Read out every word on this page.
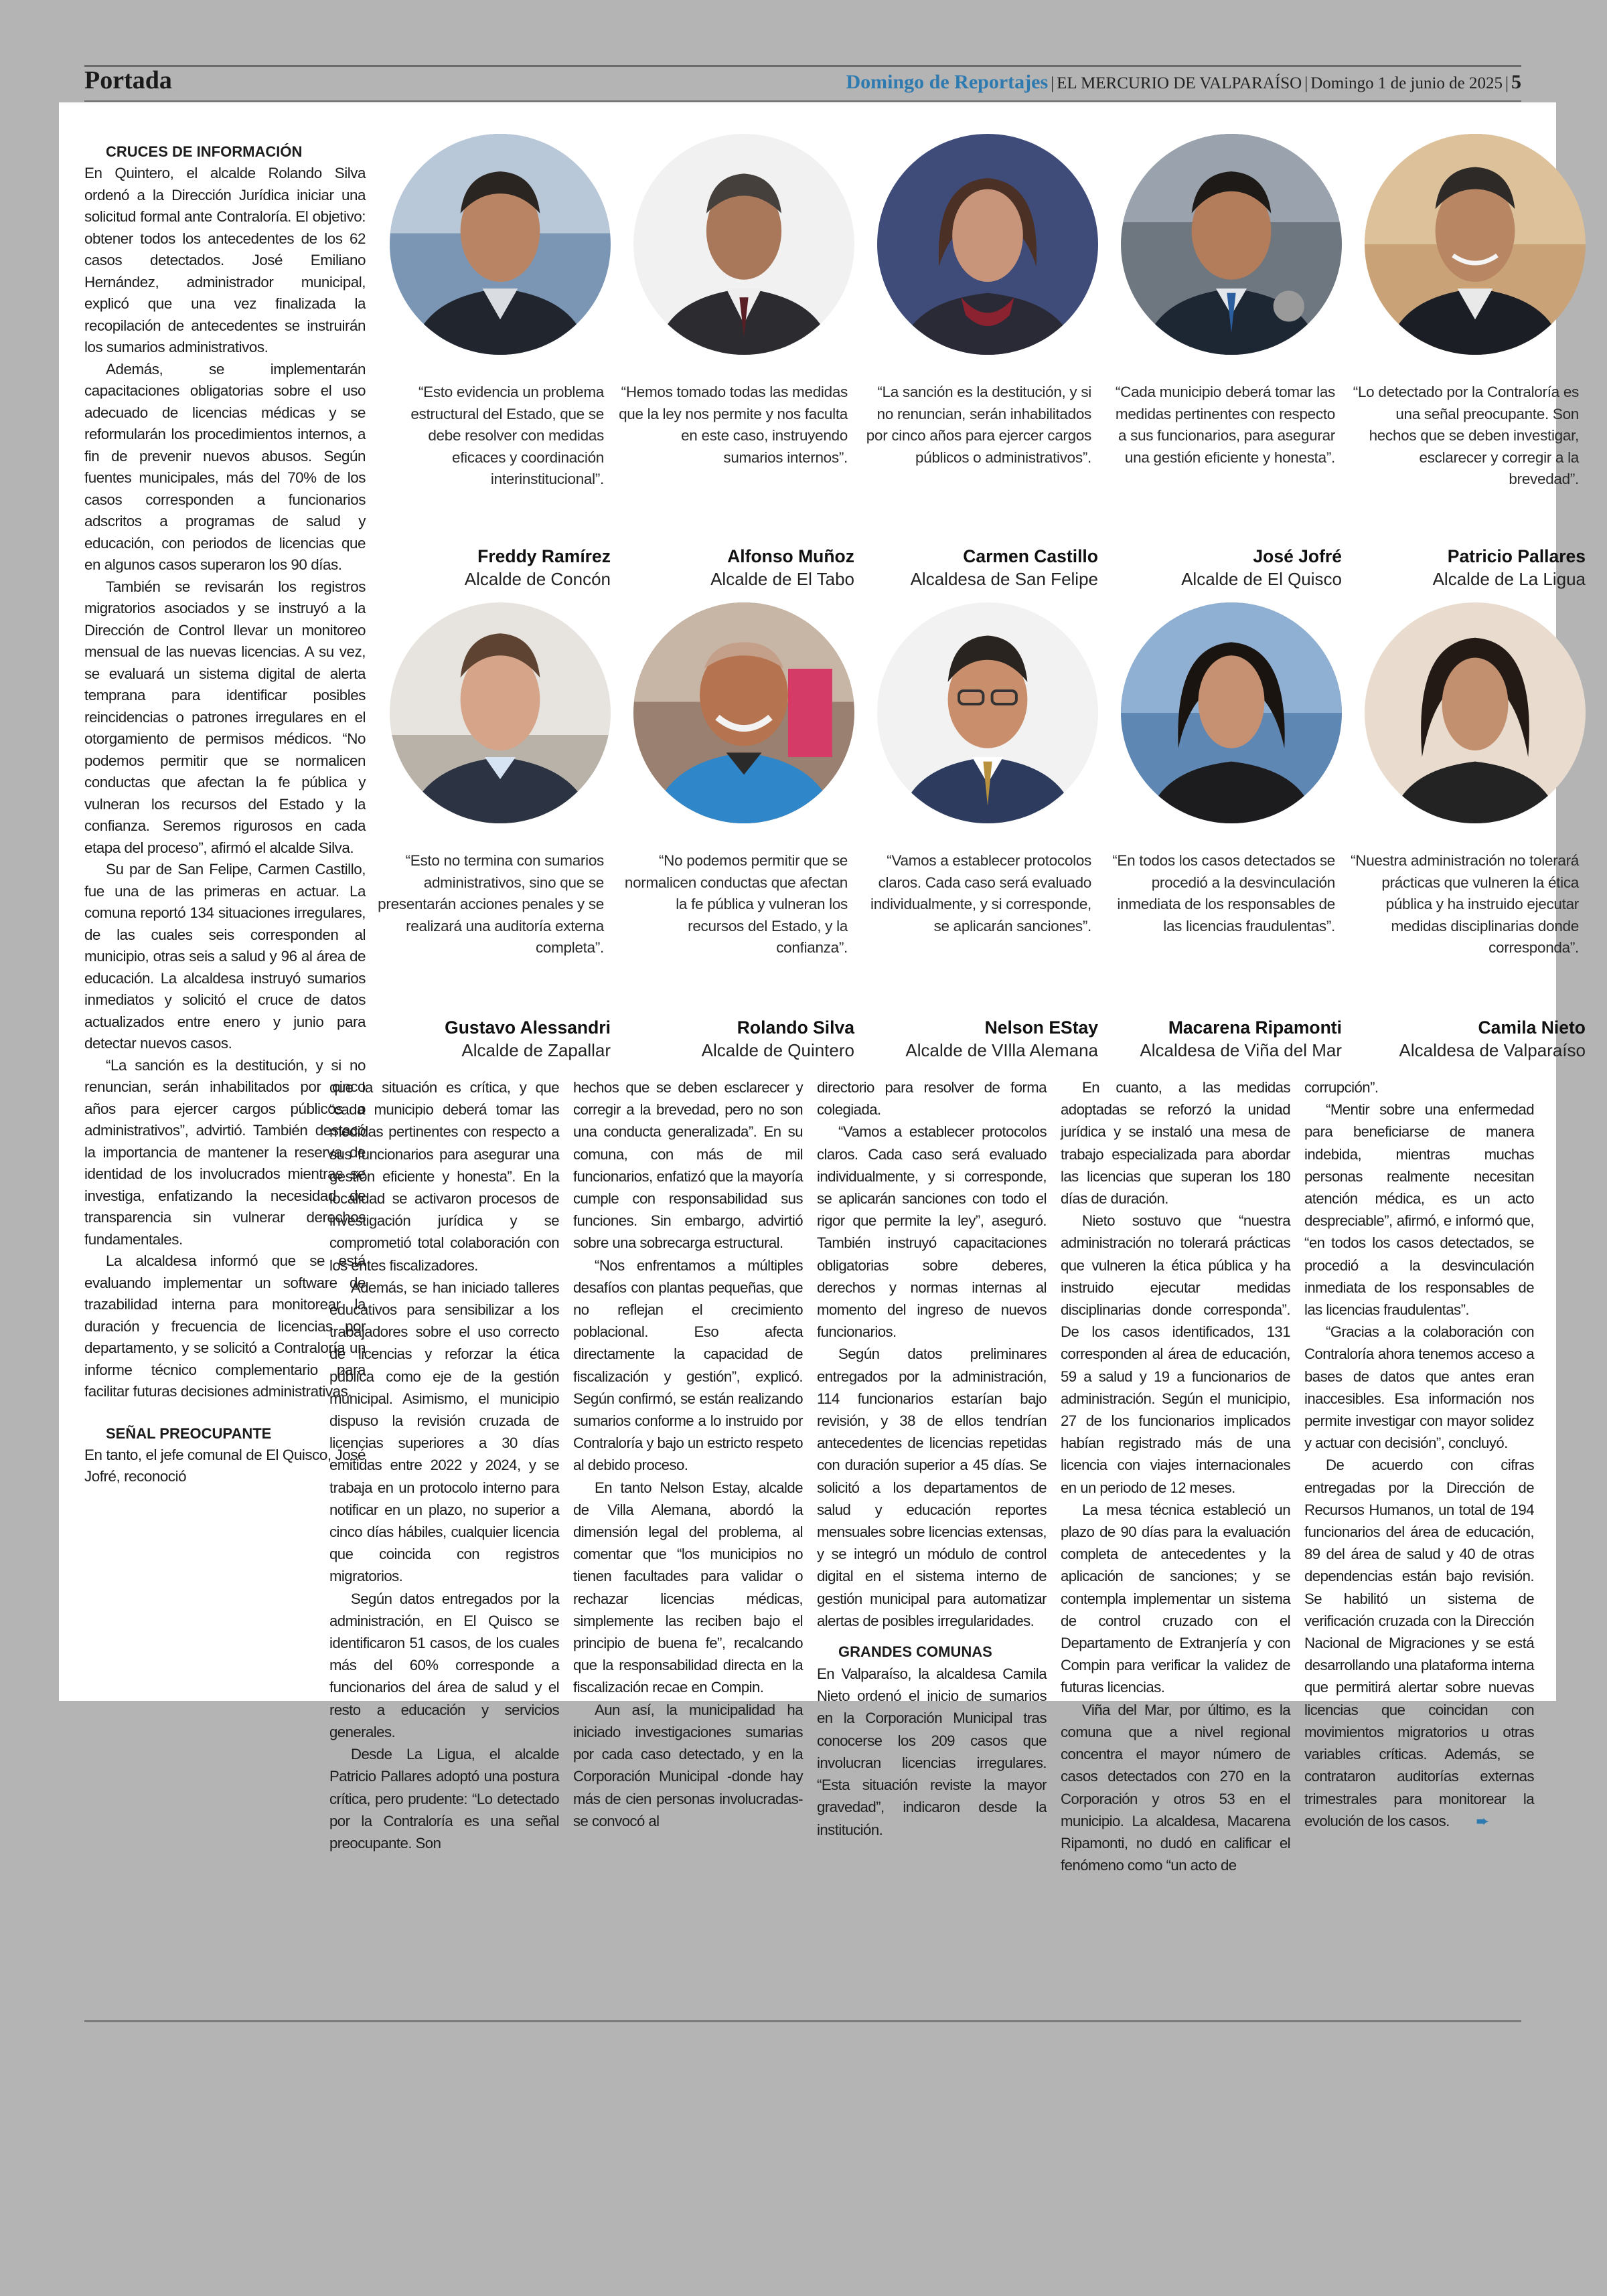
Portada	Domingo de Reportajes | EL MERCURIO DE VALPARAÍSO | Domingo 1 de junio de 2025 | 5

CRUCES DE INFORMACIÓN

En Quintero, el alcalde Rolando Silva ordenó a la Dirección Jurídica iniciar una solicitud formal ante Contraloría. El objetivo: obtener todos los antecedentes de los 62 casos detectados. José Emiliano Hernández, administrador municipal, explicó que una vez finalizada la recopilación de antecedentes se instruirán los sumarios administrativos.

Además, se implementarán capacitaciones obligatorias sobre el uso adecuado de licencias médicas y se reformularán los procedimientos internos, a fin de prevenir nuevos abusos. Según fuentes municipales, más del 70% de los casos corresponden a funcionarios adscritos a programas de salud y educación, con periodos de licencias que en algunos casos superaron los 90 días.

También se revisarán los registros migratorios asociados y se instruyó a la Dirección de Control llevar un monitoreo mensual de las nuevas licencias. A su vez, se evaluará un sistema digital de alerta temprana para identificar posibles reincidencias o patrones irregulares en el otorgamiento de permisos médicos. “No podemos permitir que se normalicen conductas que afectan la fe pública y vulneran los recursos del Estado y la confianza. Seremos rigurosos en cada etapa del proceso”, afirmó el alcalde Silva.

Su par de San Felipe, Carmen Castillo, fue una de las primeras en actuar. La comuna reportó 134 situaciones irregulares, de las cuales seis corresponden al municipio, otras seis a salud y 96 al área de educación. La alcaldesa instruyó sumarios inmediatos y solicitó el cruce de datos actualizados entre enero y junio para detectar nuevos casos.

“La sanción es la destitución, y si no renuncian, serán inhabilitados por cinco años para ejercer cargos públicos o administrativos”, advirtió. También destacó la importancia de mantener la reserva de identidad de los involucrados mientras se investiga, enfatizando la necesidad de transparencia sin vulnerar derechos fundamentales.

La alcaldesa informó que se está evaluando implementar un software de trazabilidad interna para monitorear la duración y frecuencia de licencias por departamento, y se solicitó a Contraloría un informe técnico complementario para facilitar futuras decisiones administrativas.

SEÑAL PREOCUPANTE

En tanto, el jefe comunal de El Quisco, José Jofré, reconoció

“Esto evidencia un problema estructural del Estado, que se debe resolver con medidas eficaces y coordinación interinstitucional”.
Freddy Ramírez
Alcalde de Concón
“Hemos tomado todas las medidas que la ley nos permite y nos faculta en este caso, instruyendo sumarios internos”.
Alfonso Muñoz
Alcalde de El Tabo
“La sanción es la destitución, y si no renuncian, serán inhabilitados por cinco años para ejercer cargos públicos o administrativos”.
Carmen Castillo
Alcaldesa de San Felipe
“Cada municipio deberá tomar las medidas pertinentes con respecto a sus funcionarios, para asegurar una gestión eficiente y honesta”.
José Jofré
Alcalde de El Quisco
“Lo detectado por la Contraloría es una señal preocupante. Son hechos que se deben investigar, esclarecer y corregir a la brevedad”.
Patricio Pallares
Alcalde de La Ligua
“Esto no termina con sumarios administrativos, sino que se presentarán acciones penales y se realizará una auditoría externa completa”.
Gustavo Alessandri
Alcalde de Zapallar
“No podemos permitir que se normalicen conductas que afectan la fe pública y vulneran los recursos del Estado, y la confianza”.
Rolando Silva
Alcalde de Quintero
“Vamos a establecer protocolos claros. Cada caso será evaluado individualmente, y si corresponde, se aplicarán sanciones”.
Nelson EStay
Alcalde de VIlla Alemana
“En todos los casos detectados se procedió a la desvinculación inmediata de los responsables de las licencias fraudulentas”.
Macarena Ripamonti
Alcaldesa de Viña del Mar
“Nuestra administración no tolerará prácticas que vulneren la ética pública y ha instruido ejecutar medidas disciplinarias donde corresponda”.
Camila Nieto
Alcaldesa de Valparaíso

que la situación es crítica, y que “cada municipio deberá tomar las medidas pertinentes con respecto a sus funcionarios para asegurar una gestión eficiente y honesta”. En la localidad se activaron procesos de investigación jurídica y se comprometió total colaboración con los entes fiscalizadores.

Además, se han iniciado talleres educativos para sensibilizar a los trabajadores sobre el uso correcto de licencias y reforzar la ética pública como eje de la gestión municipal. Asimismo, el municipio dispuso la revisión cruzada de licencias superiores a 30 días emitidas entre 2022 y 2024, y se trabaja en un protocolo interno para notificar en un plazo, no superior a cinco días hábiles, cualquier licencia que coincida con registros migratorios.

Según datos entregados por la administración, en El Quisco se identificaron 51 casos, de los cuales más del 60% corresponde a funcionarios del área de salud y el resto a educación y servicios generales.

Desde La Ligua, el alcalde Patricio Pallares adoptó una postura crítica, pero prudente: “Lo detectado por la Contraloría es una señal preocupante. Son

hechos que se deben esclarecer y corregir a la brevedad, pero no son una conducta generalizada”. En su comuna, con más de mil funcionarios, enfatizó que la mayoría cumple con responsabilidad sus funciones. Sin embargo, advirtió sobre una sobrecarga estructural.

“Nos enfrentamos a múltiples desafíos con plantas pequeñas, que no reflejan el crecimiento poblacional. Eso afecta directamente la capacidad de fiscalización y gestión”, explicó. Según confirmó, se están realizando sumarios conforme a lo instruido por Contraloría y bajo un estricto respeto al debido proceso.

En tanto Nelson Estay, alcalde de Villa Alemana, abordó la dimensión legal del problema, al comentar que “los municipios no tienen facultades para validar o rechazar licencias médicas, simplemente las reciben bajo el principio de buena fe”, recalcando que la responsabilidad directa en la fiscalización recae en Compin.

Aun así, la municipalidad ha iniciado investigaciones sumarias por cada caso detectado, y en la Corporación Municipal -donde hay más de cien personas involucradas- se convocó al

directorio para resolver de forma colegiada.

“Vamos a establecer protocolos claros. Cada caso será evaluado individualmente, y si corresponde, se aplicarán sanciones con todo el rigor que permite la ley”, aseguró. También instruyó capacitaciones obligatorias sobre deberes, derechos y normas internas al momento del ingreso de nuevos funcionarios.

Según datos preliminares entregados por la administración, 114 funcionarios estarían bajo revisión, y 38 de ellos tendrían antecedentes de licencias repetidas con duración superior a 45 días. Se solicitó a los departamentos de salud y educación reportes mensuales sobre licencias extensas, y se integró un módulo de control digital en el sistema interno de gestión municipal para automatizar alertas de posibles irregularidades.

GRANDES COMUNAS

En Valparaíso, la alcaldesa Camila Nieto ordenó el inicio de sumarios en la Corporación Municipal tras conocerse los 209 casos que involucran licencias irregulares. “Esta situación reviste la mayor gravedad”, indicaron desde la institución.

En cuanto, a las medidas adoptadas se reforzó la unidad jurídica y se instaló una mesa de trabajo especializada para abordar las licencias que superan los 180 días de duración.

Nieto sostuvo que “nuestra administración no tolerará prácticas que vulneren la ética pública y ha instruido ejecutar medidas disciplinarias donde corresponda”. De los casos identificados, 131 corresponden al área de educación, 59 a salud y 19 a funcionarios de administración. Según el municipio, 27 de los funcionarios implicados habían registrado más de una licencia con viajes internacionales en un periodo de 12 meses.

La mesa técnica estableció un plazo de 90 días para la evaluación completa de antecedentes y la aplicación de sanciones; y se contempla implementar un sistema de control cruzado con el Departamento de Extranjería y con Compin para verificar la validez de futuras licencias.

Viña del Mar, por último, es la comuna que a nivel regional concentra el mayor número de casos detectados con 270 en la Corporación y otros 53 en el municipio. La alcaldesa, Macarena Ripamonti, no dudó en calificar el fenómeno como “un acto de

corrupción”.

“Mentir sobre una enfermedad para beneficiarse de manera indebida, mientras muchas personas realmente necesitan atención médica, es un acto despreciable”, afirmó, e informó que, “en todos los casos detectados, se procedió a la desvinculación inmediata de los responsables de las licencias fraudulentas”.

“Gracias a la colaboración con Contraloría ahora tenemos acceso a bases de datos que antes eran inaccesibles. Esa información nos permite investigar con mayor solidez y actuar con decisión”, concluyó.

De acuerdo con cifras entregadas por la Dirección de Recursos Humanos, un total de 194 funcionarios del área de educación, 89 del área de salud y 40 de otras dependencias están bajo revisión. Se habilitó un sistema de verificación cruzada con la Dirección Nacional de Migraciones y se está desarrollando una plataforma interna que permitirá alertar sobre nuevas licencias que coincidan con movimientos migratorios u otras variables críticas. Además, se contrataron auditorías externas trimestrales para monitorear la evolución de los casos. ➨
